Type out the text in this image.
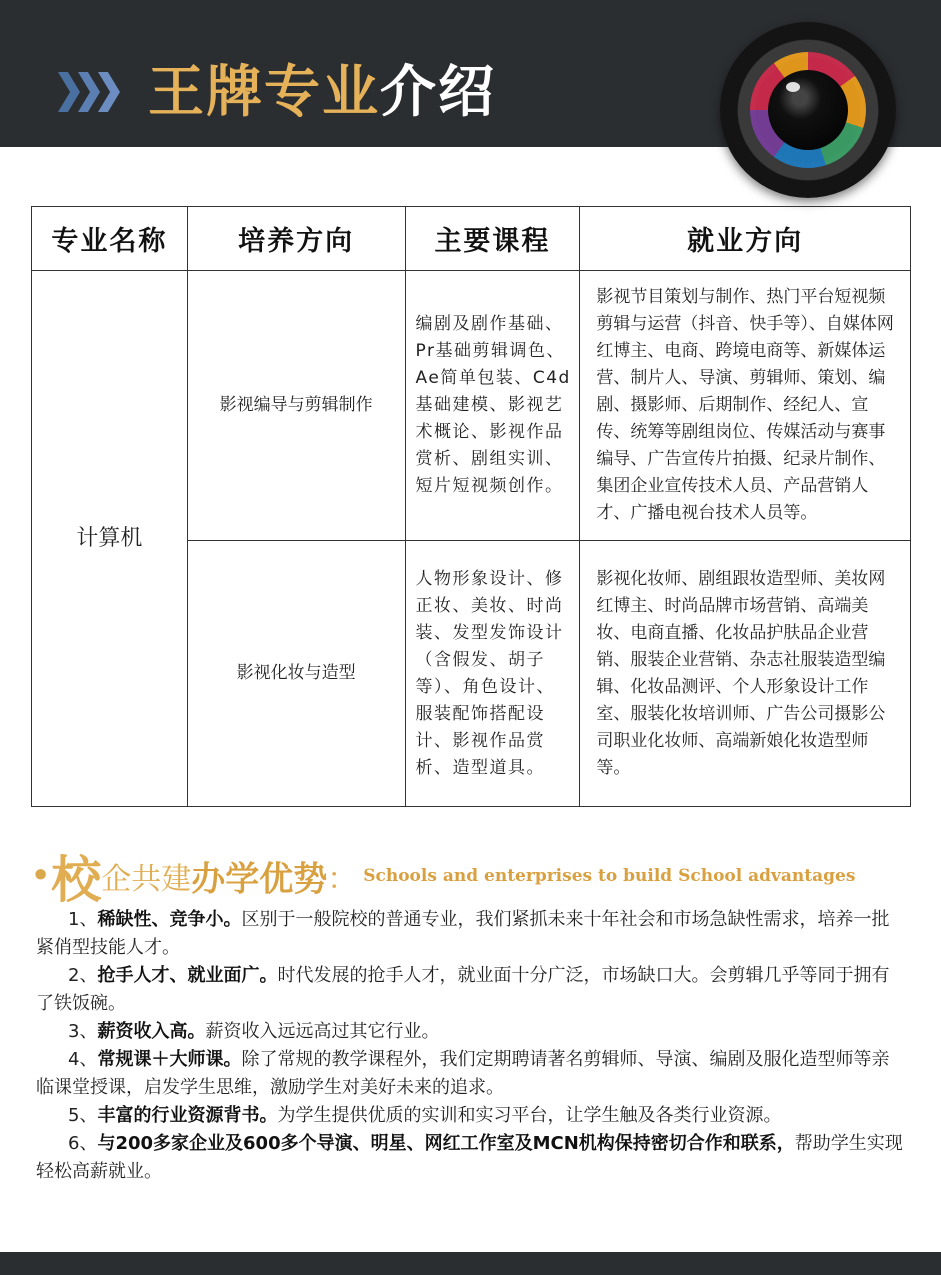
王牌专业介绍
专业名称	培养方向	主要课程	就业方向
计算机	影视编导与剪辑制作	编剧及剧作基础、Pr基础剪辑调色、Ae简单包装、C4d基础建模、影视艺术概论、影视作品赏析、剧组实训、短片短视频创作。	影视节目策划与制作、热门平台短视频剪辑与运营（抖音、快手等）、自媒体网红博主、电商、跨境电商等、新媒体运营、制片人、导演、剪辑师、策划、编剧、摄影师、后期制作、经纪人、宣传、统筹等剧组岗位、传媒活动与赛事编导、广告宣传片拍摄、纪录片制作、集团企业宣传技术人员、产品营销人才、广播电视台技术人员等。
	影视化妆与造型	人物形象设计、修正妆、美妆、时尚装、发型发饰设计（含假发、胡子等）、角色设计、服装配饰搭配设计、影视作品赏析、造型道具。	影视化妆师、剧组跟妆造型师、美妆网红博主、时尚品牌市场营销、高端美妆、电商直播、化妆品护肤品企业营销、服装企业营销、杂志社服装造型编辑、化妆品测评、个人形象设计工作室、服装化妆培训师、广告公司摄影公司职业化妆师、高端新娘化妆造型师等。
•校企共建办学优势： Schools and enterprises to build School advantages

1、稀缺性、竞争小。区别于一般院校的普通专业，我们紧抓未来十年社会和市场急缺性需求，培养一批紧俏型技能人才。

2、抢手人才、就业面广。时代发展的抢手人才，就业面十分广泛，市场缺口大。会剪辑几乎等同于拥有了铁饭碗。

3、薪资收入高。薪资收入远远高过其它行业。

4、常规课＋大师课。除了常规的教学课程外，我们定期聘请著名剪辑师、导演、编剧及服化造型师等亲临课堂授课，启发学生思维，激励学生对美好未来的追求。

5、丰富的行业资源背书。为学生提供优质的实训和实习平台，让学生触及各类行业资源。

6、与200多家企业及600多个导演、明星、网红工作室及MCN机构保持密切合作和联系，帮助学生实现轻松高薪就业。
